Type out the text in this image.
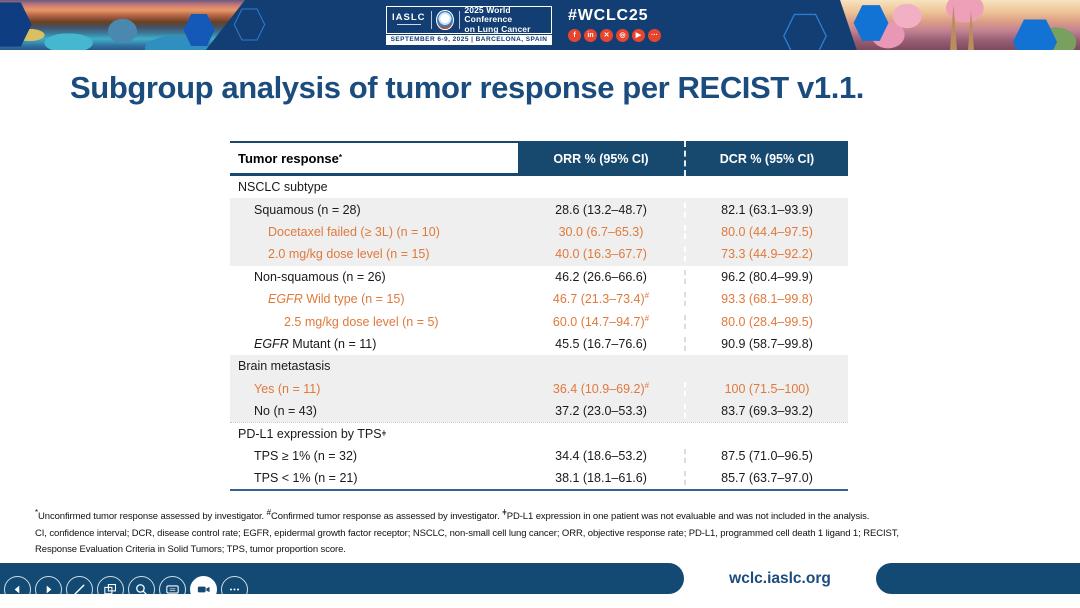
IASLC
2025 World Conference
on Lung Cancer
SEPTEMBER 6-9, 2025 | BARCELONA, SPAIN
#WCLC25
f	in	✕	◎	▶	···
Subgroup analysis of tumor response per RECIST v1.1.
Tumor response *	ORR % (95% CI)	DCR % (95% CI)
NSCLC subtype
Squamous (n = 28)	28.6 (13.2–48.7)	82.1 (63.1–93.9)
Docetaxel failed (≥ 3L) (n = 10)	30.0 (6.7–65.3)	80.0 (44.4–97.5)
2.0 mg/kg dose level (n = 15)	40.0 (16.3–67.7)	73.3 (44.9–92.2)
Non-squamous (n = 26)	46.2 (26.6–66.6)	96.2 (80.4–99.9)
EGFR Wild type (n = 15)	46.7 (21.3–73.4)#	93.3 (68.1–99.8)
2.5 mg/kg dose level (n = 5)	60.0 (14.7–94.7)#	80.0 (28.4–99.5)
EGFR Mutant (n = 11)	45.5 (16.7–76.6)	90.9 (58.7–99.8)
Brain metastasis
Yes (n = 11)	36.4 (10.9–69.2)#	100 (71.5–100)
No (n = 43)	37.2 (23.0–53.3)	83.7 (69.3–93.2)
PD-L1 expression by TPS ǂ
TPS ≥ 1% (n = 32)	34.4 (18.6–53.2)	87.5 (71.0–96.5)
TPS < 1% (n = 21)	38.1 (18.1–61.6)	85.7 (63.7–97.0)
*Unconfirmed tumor response assessed by investigator. #Confirmed tumor response as assessed by investigator. $^ǂ$PD-L1 expression in one patient was not evaluable and was not included in the analysis.
CI, confidence interval; DCR, disease control rate; EGFR, epidermal growth factor receptor; NSCLC, non-small cell lung cancer; ORR, objective response rate; PD-L1, programmed cell death 1 ligand 1; RECIST,
Response Evaluation Criteria in Solid Tumors; TPS, tumor proportion score.
wclc.iaslc.org
